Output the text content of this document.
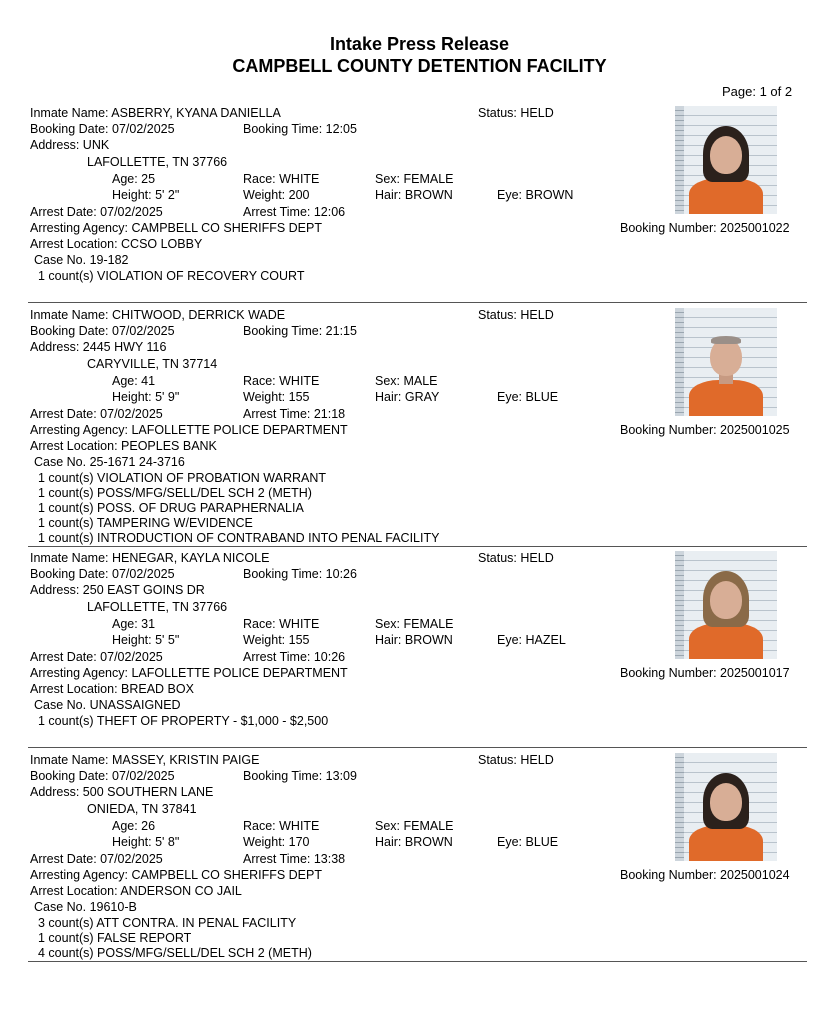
Intake Press Release
CAMPBELL COUNTY DETENTION FACILITY
Page: 1 of 2
Inmate Name: ASBERRY, KYANA DANIELLA	Status: HELD
Booking Date: 07/02/2025	Booking Time: 12:05
Address: UNK
LAFOLLETTE, TN 37766
Age: 25	Race: WHITE	Sex: FEMALE
Height: 5' 2"	Weight: 200	Hair: BROWN	Eye: BROWN
Arrest Date: 07/02/2025	Arrest Time: 12:06
Arresting Agency: CAMPBELL CO SHERIFFS DEPT	Booking Number: 2025001022
Arrest Location: CCSO LOBBY
Case No. 19-182
1 count(s) VIOLATION OF RECOVERY COURT
Inmate Name: CHITWOOD, DERRICK WADE	Status: HELD
Booking Date: 07/02/2025	Booking Time: 21:15
Address: 2445 HWY 116
CARYVILLE, TN 37714
Age: 41	Race: WHITE	Sex: MALE
Height: 5' 9"	Weight: 155	Hair: GRAY	Eye: BLUE
Arrest Date: 07/02/2025	Arrest Time: 21:18
Arresting Agency: LAFOLLETTE POLICE DEPARTMENT	Booking Number: 2025001025
Arrest Location: PEOPLES BANK
Case No. 25-1671 24-3716
1 count(s) VIOLATION OF PROBATION WARRANT
1 count(s) POSS/MFG/SELL/DEL SCH 2 (METH)
1 count(s) POSS. OF DRUG PARAPHERNALIA
1 count(s) TAMPERING W/EVIDENCE
1 count(s) INTRODUCTION OF CONTRABAND INTO PENAL FACILITY
Inmate Name: HENEGAR, KAYLA NICOLE	Status: HELD
Booking Date: 07/02/2025	Booking Time: 10:26
Address: 250 EAST GOINS DR
LAFOLLETTE, TN 37766
Age: 31	Race: WHITE	Sex: FEMALE
Height: 5' 5"	Weight: 155	Hair: BROWN	Eye: HAZEL
Arrest Date: 07/02/2025	Arrest Time: 10:26
Arresting Agency: LAFOLLETTE POLICE DEPARTMENT	Booking Number: 2025001017
Arrest Location: BREAD BOX
Case No. UNASSAIGNED
1 count(s) THEFT OF PROPERTY - $1,000 - $2,500
Inmate Name: MASSEY, KRISTIN PAIGE	Status: HELD
Booking Date: 07/02/2025	Booking Time: 13:09
Address: 500 SOUTHERN LANE
ONIEDA, TN 37841
Age: 26	Race: WHITE	Sex: FEMALE
Height: 5' 8"	Weight: 170	Hair: BROWN	Eye: BLUE
Arrest Date: 07/02/2025	Arrest Time: 13:38
Arresting Agency: CAMPBELL CO SHERIFFS DEPT	Booking Number: 2025001024
Arrest Location: ANDERSON CO JAIL
Case No. 19610-B
3 count(s) ATT CONTRA. IN PENAL FACILITY
1 count(s) FALSE REPORT
4 count(s) POSS/MFG/SELL/DEL SCH 2 (METH)
